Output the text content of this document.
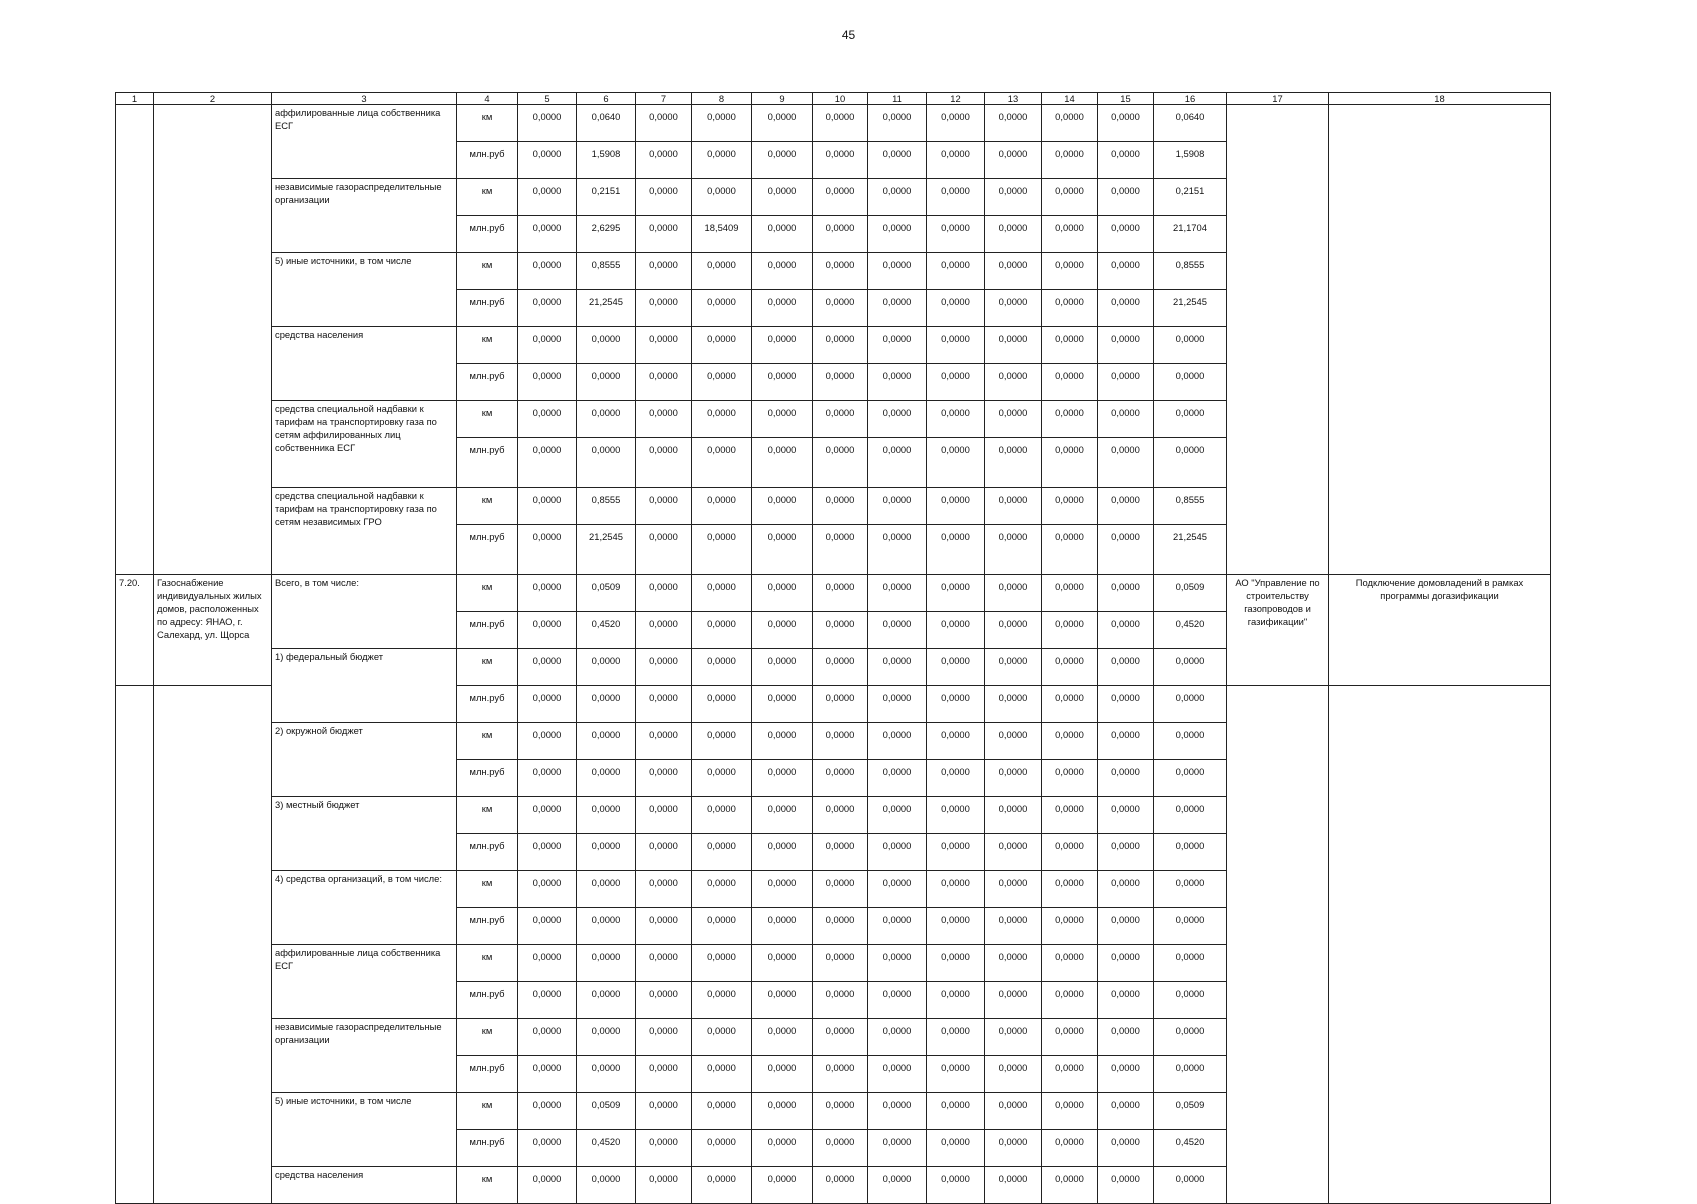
45
1	2	3	4	5	6	7	8	9	10	11	12	13	14	15	16	17	18
		аффилированные лица собственника ЕСГ	км	0,0000	0,0640	0,0000	0,0000	0,0000	0,0000	0,0000	0,0000	0,0000	0,0000	0,0000	0,0640		
			млн.руб	0,0000	1,5908	0,0000	0,0000	0,0000	0,0000	0,0000	0,0000	0,0000	0,0000	0,0000	1,5908		
		независимые газораспределительные организации	км	0,0000	0,2151	0,0000	0,0000	0,0000	0,0000	0,0000	0,0000	0,0000	0,0000	0,0000	0,2151		
			млн.руб	0,0000	2,6295	0,0000	18,5409	0,0000	0,0000	0,0000	0,0000	0,0000	0,0000	0,0000	21,1704		
		5) иные источники, в том числе	км	0,0000	0,8555	0,0000	0,0000	0,0000	0,0000	0,0000	0,0000	0,0000	0,0000	0,0000	0,8555		
			млн.руб	0,0000	21,2545	0,0000	0,0000	0,0000	0,0000	0,0000	0,0000	0,0000	0,0000	0,0000	21,2545		
		средства населения	км	0,0000	0,0000	0,0000	0,0000	0,0000	0,0000	0,0000	0,0000	0,0000	0,0000	0,0000	0,0000		
			млн.руб	0,0000	0,0000	0,0000	0,0000	0,0000	0,0000	0,0000	0,0000	0,0000	0,0000	0,0000	0,0000		
		средства специальной надбавки к тарифам на транспортировку газа по сетям аффилированных лиц собственника ЕСГ	км	0,0000	0,0000	0,0000	0,0000	0,0000	0,0000	0,0000	0,0000	0,0000	0,0000	0,0000	0,0000		
			млн.руб	0,0000	0,0000	0,0000	0,0000	0,0000	0,0000	0,0000	0,0000	0,0000	0,0000	0,0000	0,0000		
		средства специальной надбавки к тарифам на транспортировку газа по сетям независимых ГРО	км	0,0000	0,8555	0,0000	0,0000	0,0000	0,0000	0,0000	0,0000	0,0000	0,0000	0,0000	0,8555		
			млн.руб	0,0000	21,2545	0,0000	0,0000	0,0000	0,0000	0,0000	0,0000	0,0000	0,0000	0,0000	21,2545		
7.20.	Газоснабжение индивидуальных жилых домов, расположенных по адресу: ЯНАО, г. Салехард, ул. Щорса	Всего, в том числе:	км	0,0000	0,0509	0,0000	0,0000	0,0000	0,0000	0,0000	0,0000	0,0000	0,0000	0,0000	0,0509	АО "Управление по строительству газопроводов и газификации"	Подключение домовладений в рамках программы догазификации
			млн.руб	0,0000	0,4520	0,0000	0,0000	0,0000	0,0000	0,0000	0,0000	0,0000	0,0000	0,0000	0,4520		
		1) федеральный бюджет	км	0,0000	0,0000	0,0000	0,0000	0,0000	0,0000	0,0000	0,0000	0,0000	0,0000	0,0000	0,0000		
			млн.руб	0,0000	0,0000	0,0000	0,0000	0,0000	0,0000	0,0000	0,0000	0,0000	0,0000	0,0000	0,0000		
		2) окружной бюджет	км	0,0000	0,0000	0,0000	0,0000	0,0000	0,0000	0,0000	0,0000	0,0000	0,0000	0,0000	0,0000		
			млн.руб	0,0000	0,0000	0,0000	0,0000	0,0000	0,0000	0,0000	0,0000	0,0000	0,0000	0,0000	0,0000		
		3) местный бюджет	км	0,0000	0,0000	0,0000	0,0000	0,0000	0,0000	0,0000	0,0000	0,0000	0,0000	0,0000	0,0000		
			млн.руб	0,0000	0,0000	0,0000	0,0000	0,0000	0,0000	0,0000	0,0000	0,0000	0,0000	0,0000	0,0000		
		4) средства организаций, в том числе:	км	0,0000	0,0000	0,0000	0,0000	0,0000	0,0000	0,0000	0,0000	0,0000	0,0000	0,0000	0,0000		
			млн.руб	0,0000	0,0000	0,0000	0,0000	0,0000	0,0000	0,0000	0,0000	0,0000	0,0000	0,0000	0,0000		
		аффилированные лица собственника ЕСГ	км	0,0000	0,0000	0,0000	0,0000	0,0000	0,0000	0,0000	0,0000	0,0000	0,0000	0,0000	0,0000		
			млн.руб	0,0000	0,0000	0,0000	0,0000	0,0000	0,0000	0,0000	0,0000	0,0000	0,0000	0,0000	0,0000		
		независимые газораспределительные организации	км	0,0000	0,0000	0,0000	0,0000	0,0000	0,0000	0,0000	0,0000	0,0000	0,0000	0,0000	0,0000		
			млн.руб	0,0000	0,0000	0,0000	0,0000	0,0000	0,0000	0,0000	0,0000	0,0000	0,0000	0,0000	0,0000		
		5) иные источники, в том числе	км	0,0000	0,0509	0,0000	0,0000	0,0000	0,0000	0,0000	0,0000	0,0000	0,0000	0,0000	0,0509		
			млн.руб	0,0000	0,4520	0,0000	0,0000	0,0000	0,0000	0,0000	0,0000	0,0000	0,0000	0,0000	0,4520		
		средства населения	км	0,0000	0,0000	0,0000	0,0000	0,0000	0,0000	0,0000	0,0000	0,0000	0,0000	0,0000	0,0000		
